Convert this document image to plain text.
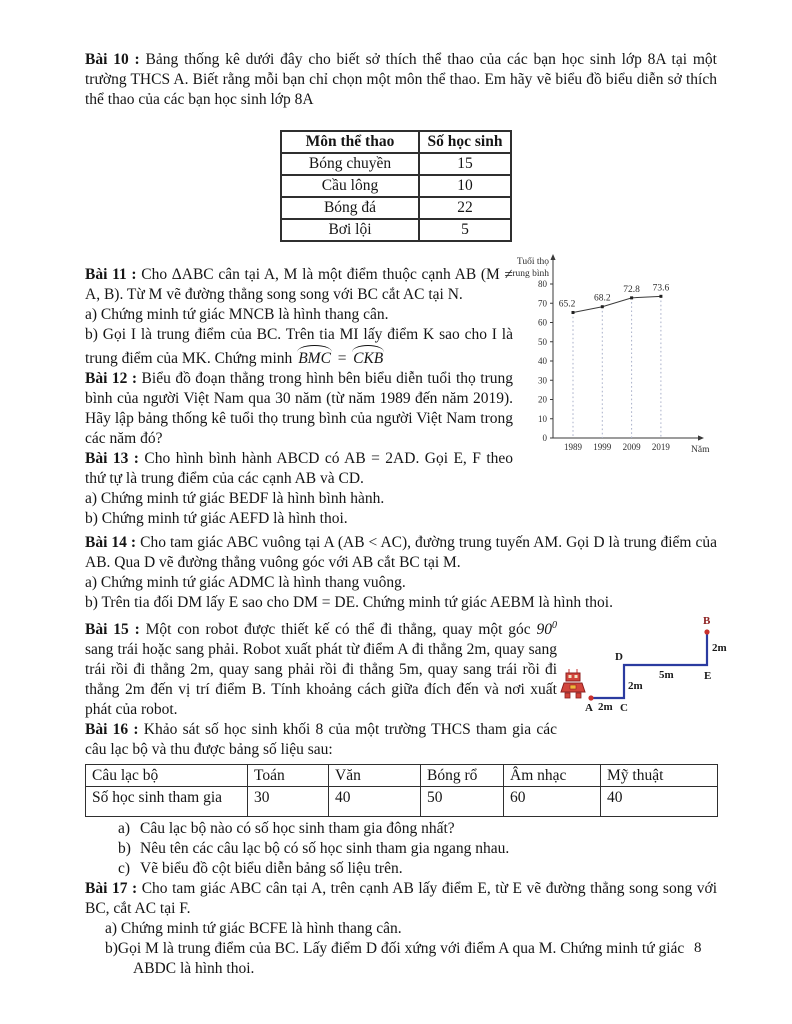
Bài 10 : Bảng thống kê dưới đây cho biết sở thích thể thao của các bạn học sinh lớp 8A tại một trường THCS A. Biết rằng mỗi bạn chỉ chọn một môn thể thao. Em hãy vẽ biểu đồ biểu diễn sở thích thể thao của các bạn học sinh lớp 8A

Môn thể thao	Số học sinh
Bóng chuyền	15
Cầu lông	10
Bóng đá	22
Bơi lội	5

Bài 11 : Cho ΔABC cân tại A, M là một điểm thuộc cạnh AB (M ≠ A, B). Từ M vẽ đường thẳng song song với BC cắt AC tại N.

a) Chứng minh tứ giác MNCB là hình thang cân.

b) Gọi I là trung điểm của BC. Trên tia MI lấy điểm K sao cho I là trung điểm của MK. Chứng minh BMC = CKB

Bài 12 : Biểu đồ đoạn thẳng trong hình bên biểu diễn tuổi thọ trung bình của người Việt Nam qua 30 năm (từ năm 1989 đến năm 2019). Hãy lập bảng thống kê tuổi thọ trung bình của người Việt Nam trong các năm đó?

Bài 13 : Cho hình bình hành ABCD có AB = 2AD. Gọi E, F theo thứ tự là trung điểm của các cạnh AB và CD.

a) Chứng minh tứ giác BEDF là hình bình hành.

b) Chứng minh tứ giác AEFD là hình thoi.

Tuổi thọ
trung bình
Năm
0
10
20
30
40
50
60
70
80
1989 1999 2009 2019
65.2
68.2
72.8 73.6

Bài 14 : Cho tam giác ABC vuông tại A (AB < AC), đường trung tuyến AM. Gọi D là trung điểm của AB. Qua D vẽ đường thẳng vuông góc với AB cắt BC tại M.

a) Chứng minh tứ giác ADMC là hình thang vuông.

b) Trên tia đối DM lấy E sao cho DM = DE. Chứng minh tứ giác AEBM là hình thoi.

Bài 15 : Một con robot được thiết kế có thể đi thẳng, quay một góc $90^0$ sang trái hoặc sang phải. Robot xuất phát từ điểm A đi thẳng 2m, quay sang trái rồi đi thẳng 2m, quay sang phải rồi đi thẳng 5m, quay sang trái rồi đi thẳng 2m đến vị trí điểm B. Tính khoảng cách giữa đích đến và nơi xuất phát của robot.

Bài 16 : Khảo sát số học sinh khối 8 của một trường THCS tham gia các câu lạc bộ và thu được bảng số liệu sau:

A 2m C
2m
D
5m	E
2m
B
Câu lạc bộ	Toán	Văn	Bóng rổ	Âm nhạc	Mỹ thuật
Số học sinh tham gia	30	40	50	60	40
a) Câu lạc bộ nào có số học sinh tham gia đông nhất?
b) Nêu tên các câu lạc bộ có số học sinh tham gia ngang nhau.
c) Vẽ biểu đồ cột biểu diễn bảng số liệu trên.

Bài 17 : Cho tam giác ABC cân tại A, trên cạnh AB lấy điểm E, từ E vẽ đường thẳng song song với BC, cắt AC tại F.

a) Chứng minh tứ giác BCFE là hình thang cân.

b)Gọi M là trung điểm của BC. Lấy điểm D đối xứng với điểm A qua M. Chứng minh tứ giác ABDC là hình thoi.

8
